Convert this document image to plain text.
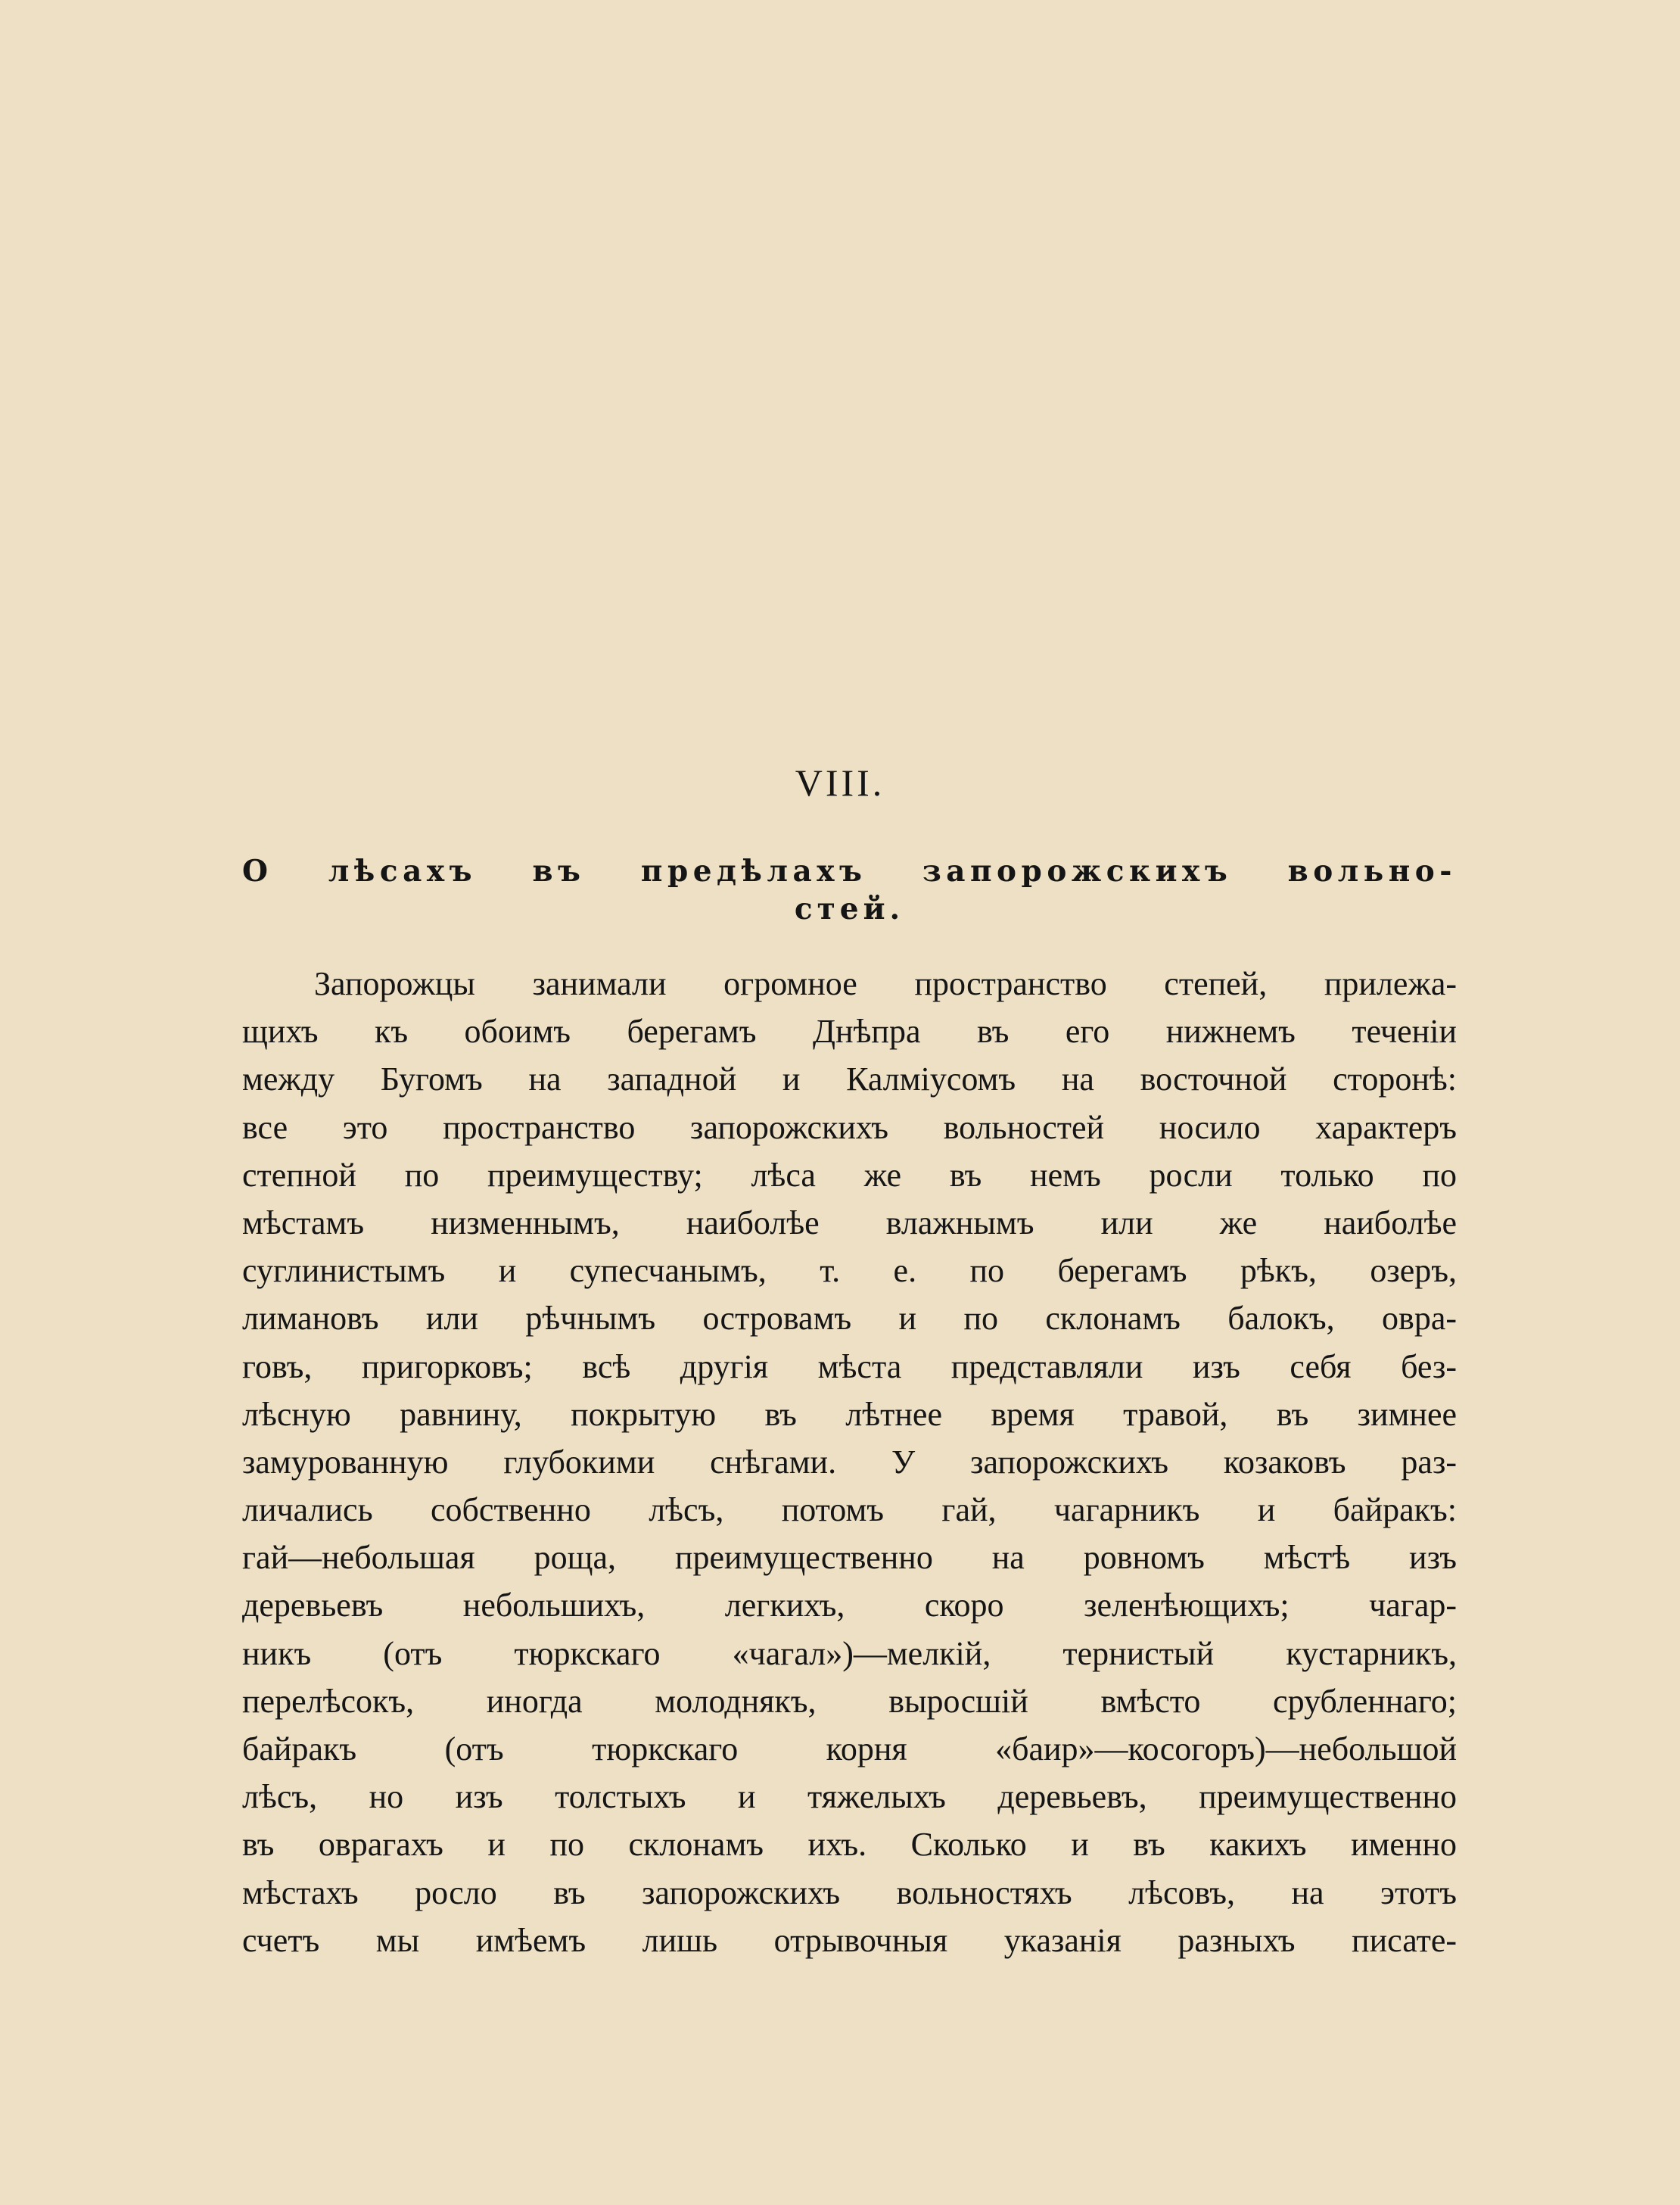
VIII.
О лѣсахъ въ предѣлахъ запорожскихъ вольно-
стей.
Запорожцы занимали огромное пространство степей, прилежа-
щихъ къ обоимъ берегамъ Днѣпра въ его нижнемъ теченіи
между Бугомъ на западной и Калміусомъ на восточной сторонѣ:
все это пространство запорожскихъ вольностей носило характеръ
степной по преимуществу; лѣса же въ немъ росли только по
мѣстамъ низменнымъ, наиболѣе влажнымъ или же наиболѣе
суглинистымъ и супесчанымъ, т. е. по берегамъ рѣкъ, озеръ,
лимановъ или рѣчнымъ островамъ и по склонамъ балокъ, овра-
говъ, пригорковъ; всѣ другія мѣста представляли изъ себя без-
лѣсную равнину, покрытую въ лѣтнее время травой, въ зимнее
замурованную глубокими снѣгами. У запорожскихъ козаковъ раз-
личались собственно лѣсъ, потомъ гай, чагарникъ и байракъ:
гай—небольшая роща, преимущественно на ровномъ мѣстѣ изъ
деревьевъ небольшихъ, легкихъ, скоро зеленѣющихъ; чагар-
никъ (отъ тюркскаго «чагал»)—мелкій, тернистый кустарникъ,
перелѣсокъ, иногда молоднякъ, выросшій вмѣсто срубленнаго;
байракъ (отъ тюркскаго корня «баир»—косогоръ)—небольшой
лѣсъ, но изъ толстыхъ и тяжелыхъ деревьевъ, преимущественно
въ оврагахъ и по склонамъ ихъ. Сколько и въ какихъ именно
мѣстахъ росло въ запорожскихъ вольностяхъ лѣсовъ, на этотъ
счетъ мы имѣемъ лишь отрывочныя указанія разныхъ писате-
